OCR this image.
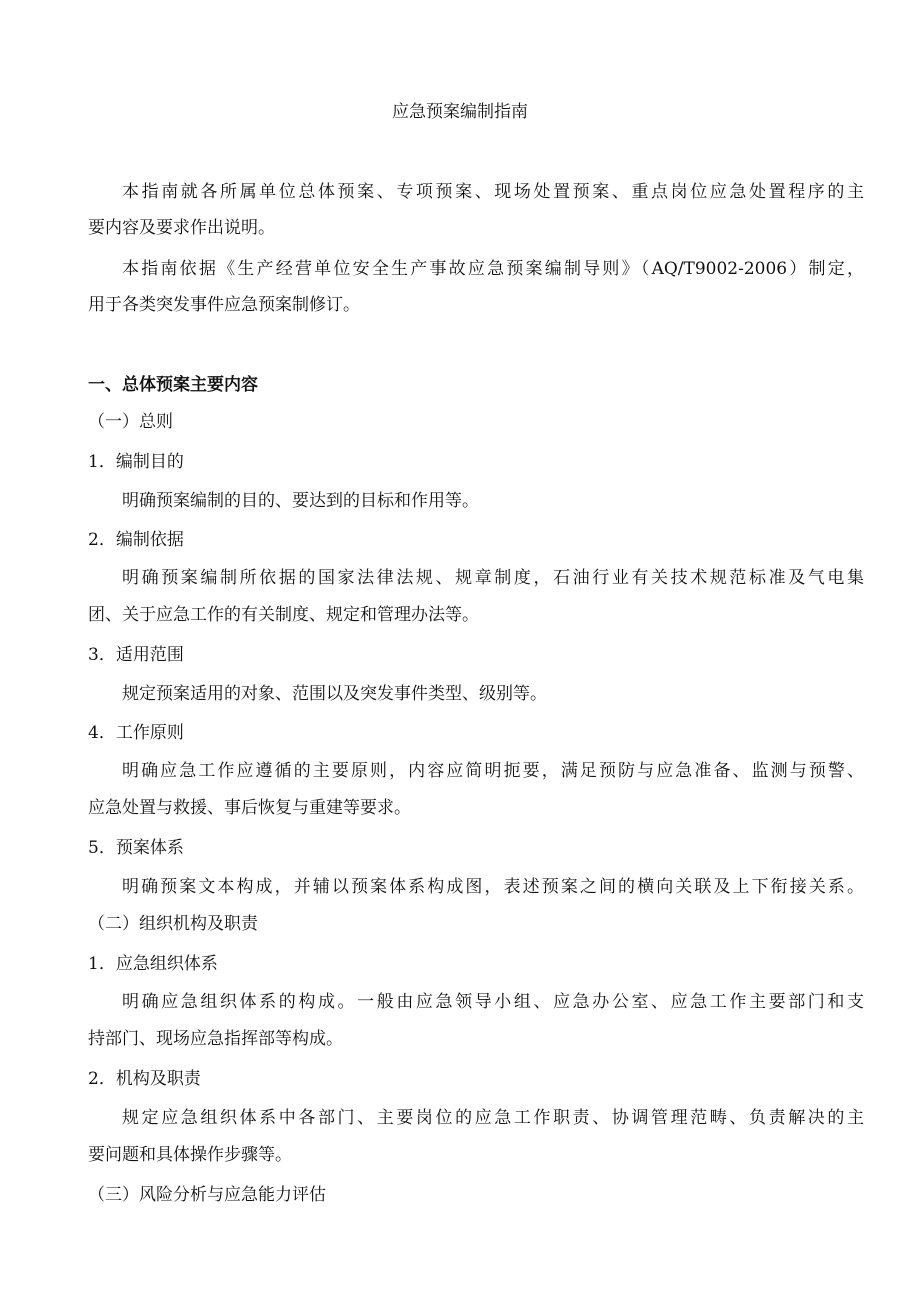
应急预案编制指南

本指南就各所属单位总体预案、专项预案、现场处置预案、重点岗位应急处置程序的主

要内容及要求作出说明。

本指南依据《生产经营单位安全生产事故应急预案编制导则》（AQ/T9002-2006）制定，

用于各类突发事件应急预案制修订。

一、总体预案主要内容

（一）总则

1．编制目的

明确预案编制的目的、要达到的目标和作用等。

2．编制依据

明确预案编制所依据的国家法律法规、规章制度，石油行业有关技术规范标准及气电集

团、关于应急工作的有关制度、规定和管理办法等。

3．适用范围

规定预案适用的对象、范围以及突发事件类型、级别等。

4．工作原则

明确应急工作应遵循的主要原则，内容应简明扼要，满足预防与应急准备、监测与预警、

应急处置与救援、事后恢复与重建等要求。

5．预案体系

明确预案文本构成，并辅以预案体系构成图，表述预案之间的横向关联及上下衔接关系。

（二）组织机构及职责

1．应急组织体系

明确应急组织体系的构成。一般由应急领导小组、应急办公室、应急工作主要部门和支

持部门、现场应急指挥部等构成。

2．机构及职责

规定应急组织体系中各部门、主要岗位的应急工作职责、协调管理范畴、负责解决的主

要问题和具体操作步骤等。

（三）风险分析与应急能力评估
